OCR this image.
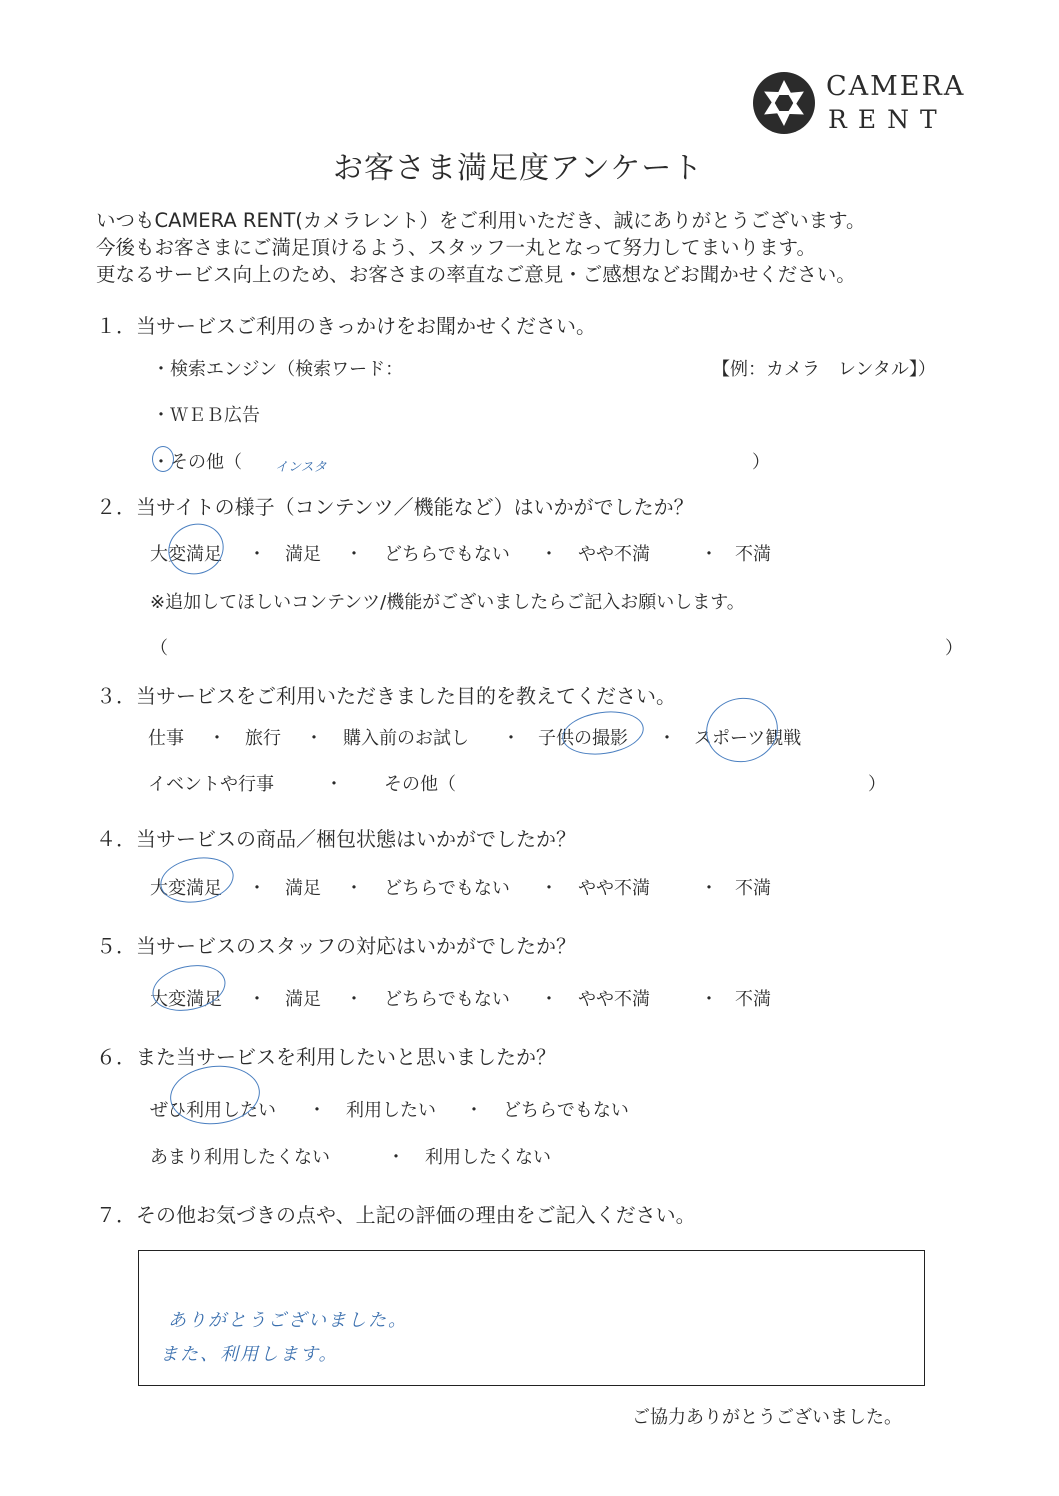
CAMERA
RENT
お客さま満足度アンケート
いつもCAMERA RENT(カメラレント）をご利用いただき、誠にありがとうございます。
今後もお客さまにご満足頂けるよう、スタッフ一丸となって努力してまいります。
更なるサービス向上のため、お客さまの率直なご意見・ご感想などお聞かせください。
１．当サービスご利用のきっかけをお聞かせください。
・検索エンジン（検索ワード：	【例：カメラ　レンタル】）
・ＷＥＢ広告
・その他（	）
インスタ
２．当サイトの様子（コンテンツ／機能など）はいかがでしたか？
大変満足 ・ 満足 ・ どちらでもない ・ やや不満	・ 不満
※追加してほしいコンテンツ/機能がございましたらご記入お願いします。
（	）
３．当サービスをご利用いただきました目的を教えてください。
仕事 ・ 旅行 ・ 購入前のお試し ・ 子供の撮影 ・ スポーツ観戦
イベントや行事	・ その他（	）
４．当サービスの商品／梱包状態はいかがでしたか？
大変満足 ・ 満足 ・ どちらでもない ・ やや不満	・ 不満
５．当サービスのスタッフの対応はいかがでしたか？
大変満足 ・ 満足 ・ どちらでもない ・ やや不満	・ 不満
６．また当サービスを利用したいと思いましたか？
ぜひ利用したい ・ 利用したい ・ どちらでもない
あまり利用したくない	・ 利用したくない
７．その他お気づきの点や、上記の評価の理由をご記入ください。
ありがとうございました。
また、利用します。
ご協力ありがとうございました。
